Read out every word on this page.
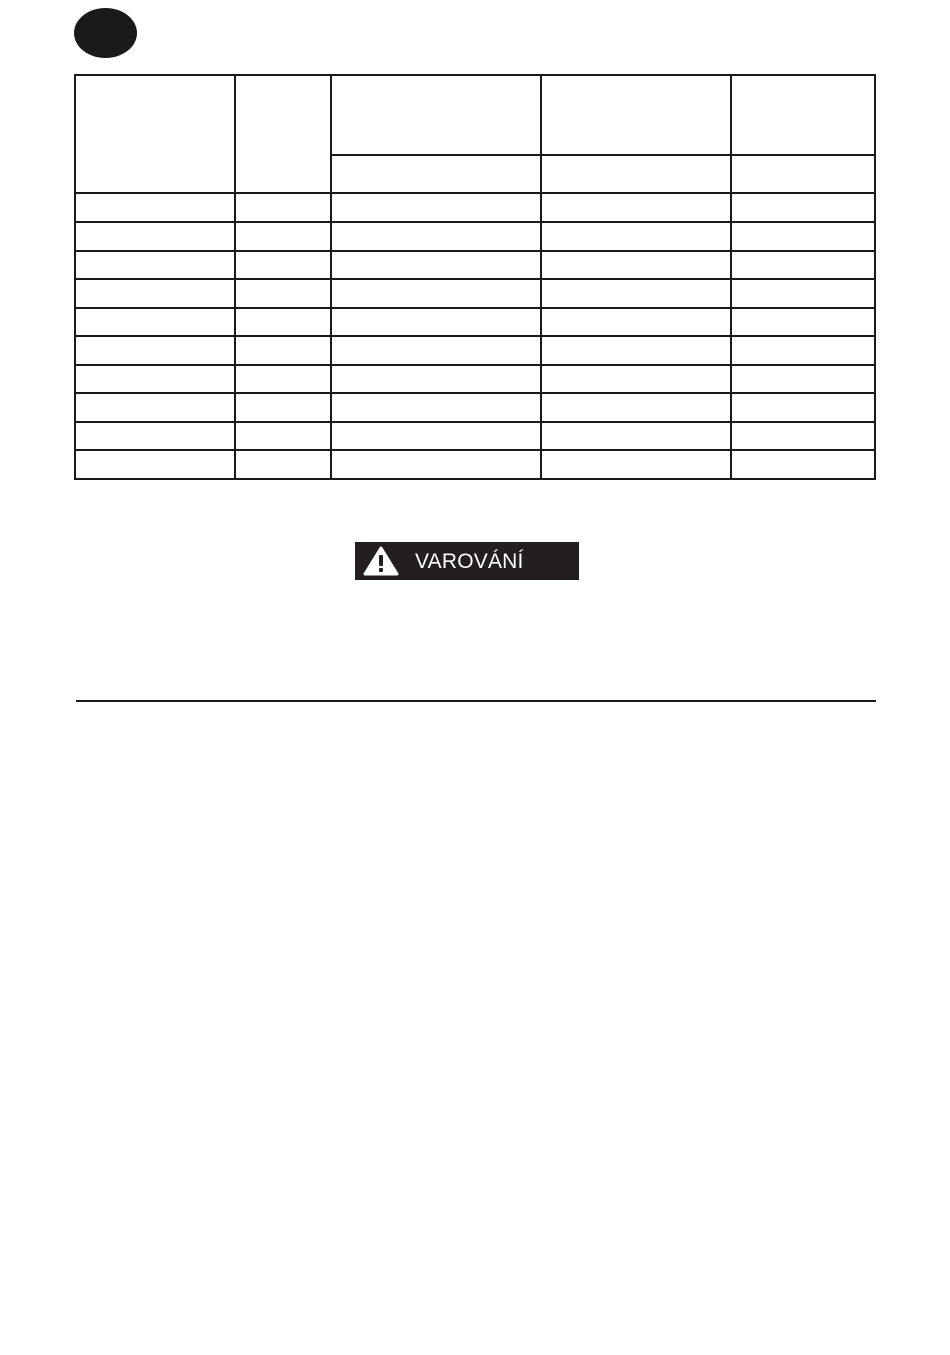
VAROVÁNÍ
